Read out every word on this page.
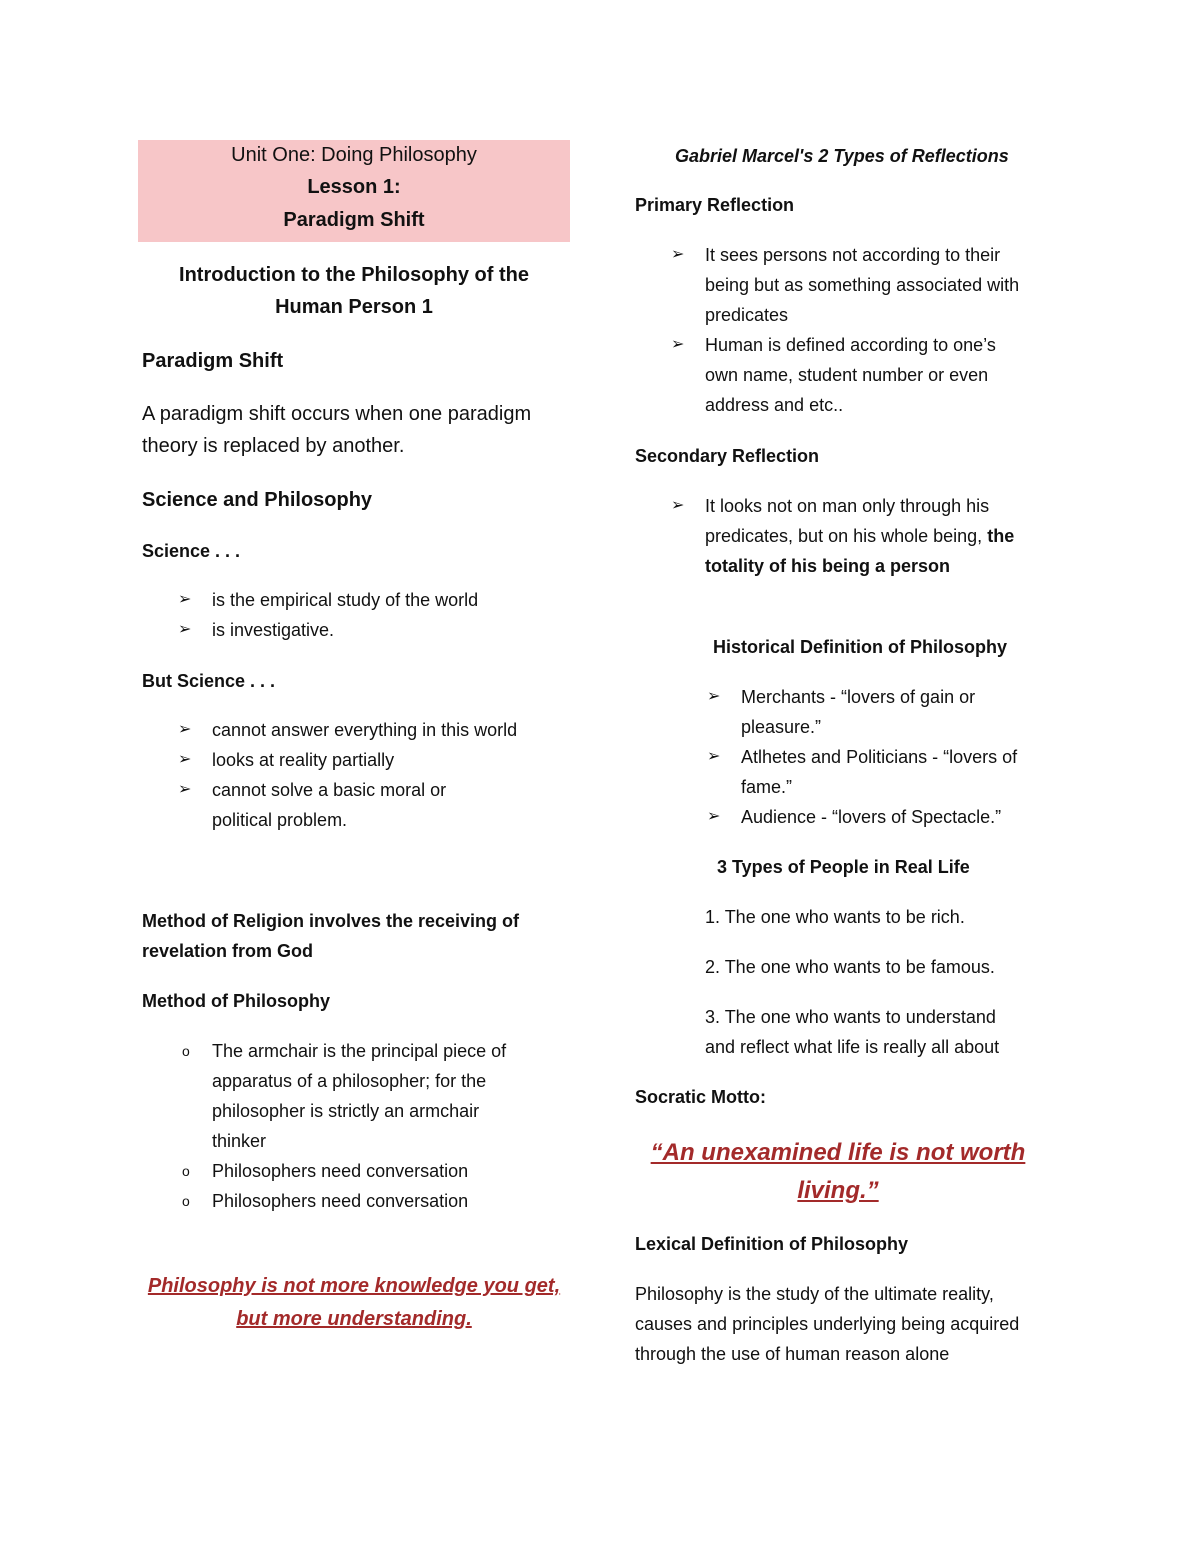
Unit One: Doing Philosophy
Lesson 1:
Paradigm Shift
Introduction to the Philosophy of the
Human Person 1
Paradigm Shift
A paradigm shift occurs when one paradigm
theory is replaced by another.
Science and Philosophy
Science . . .
➢	is the empirical study of the world
➢	is investigative.
But Science . . .
➢	cannot answer everything in this world
➢	looks at reality partially
➢	cannot solve a basic moral or
political problem.
Method of Religion involves the receiving of
revelation from God
Method of Philosophy
o	The armchair is the principal piece of
apparatus of a philosopher; for the
philosopher is strictly an armchair
thinker
o	Philosophers need conversation
o	Philosophers need conversation
Philosophy is not more knowledge you get,
but more understanding.
Gabriel Marcel's 2 Types of Reflections
Primary Reflection
➢	It sees persons not according to their
being but as something associated with
predicates
➢	Human is defined according to one’s
own name, student number or even
address and etc..
Secondary Reflection
➢	It looks not on man only through his
predicates, but on his whole being, the
totality of his being a person
Historical Definition of Philosophy
➢	Merchants - “lovers of gain or
pleasure.”
➢	Atlhetes and Politicians - “lovers of
fame.”
➢	Audience - “lovers of Spectacle.”
3 Types of People in Real Life
1. The one who wants to be rich.
2. The one who wants to be famous.
3. The one who wants to understand
and reflect what life is really all about
Socratic Motto:
“An unexamined life is not worth
living.”
Lexical Definition of Philosophy
Philosophy is the study of the ultimate reality,
causes and principles underlying being acquired
through the use of human reason alone
